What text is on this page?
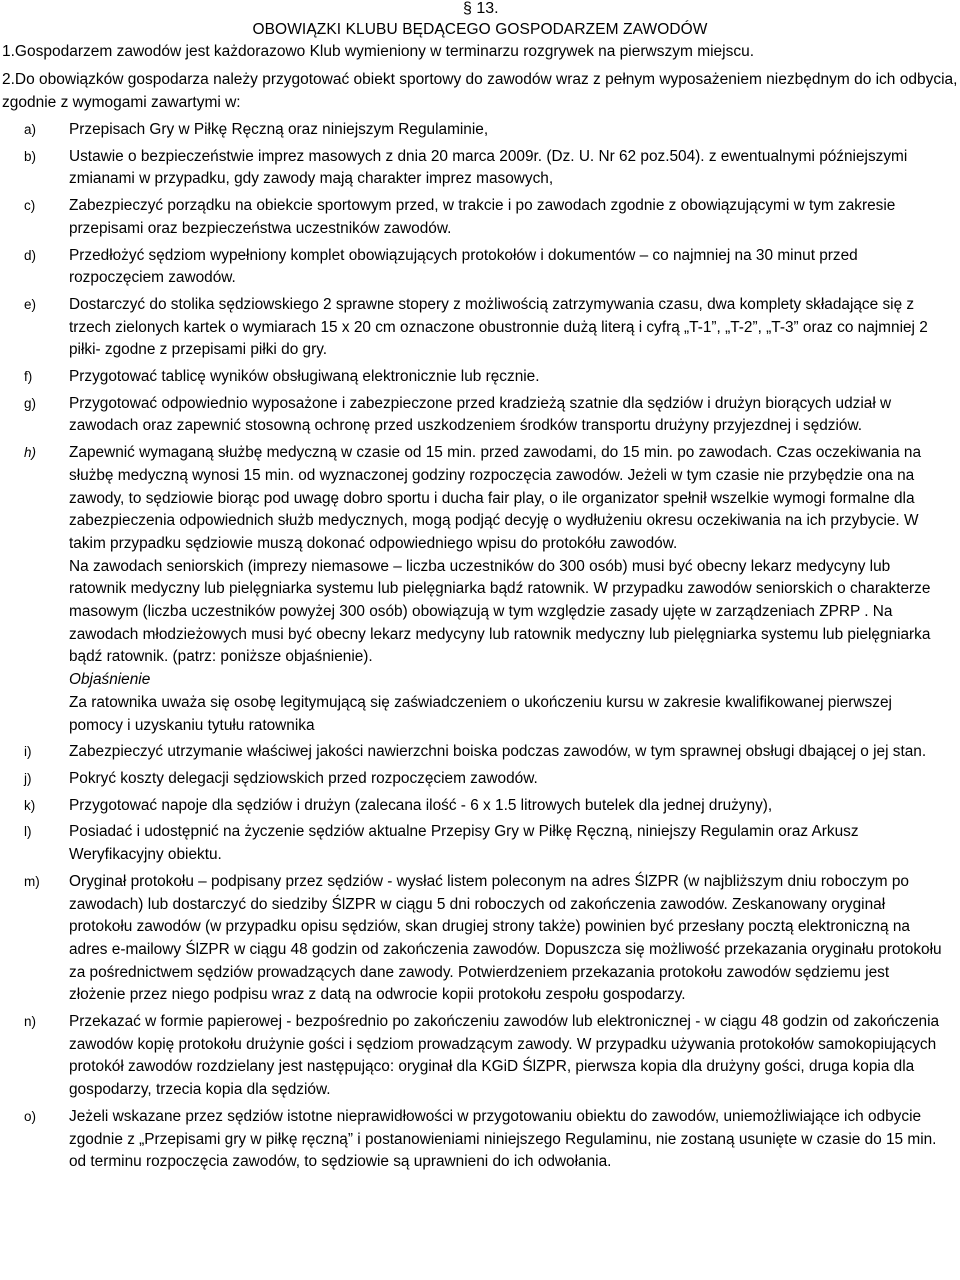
§ 13.
OBOWIĄZKI KLUBU BĘDĄCEGO GOSPODARZEM ZAWODÓW
1.Gospodarzem zawodów jest każdorazowo Klub wymieniony w terminarzu rozgrywek na pierwszym miejscu.
2.Do obowiązków gospodarza należy przygotować obiekt sportowy do zawodów wraz z pełnym wyposażeniem niezbędnym do ich odbycia, zgodnie z wymogami zawartymi w:
a) Przepisach Gry w Piłkę Ręczną oraz niniejszym Regulaminie,

b) Ustawie o bezpieczeństwie imprez masowych z dnia 20 marca 2009r. (Dz. U. Nr 62 poz.504). z ewentualnymi późniejszymi zmianami w przypadku, gdy zawody mają charakter imprez masowych,

c) Zabezpieczyć porządku na obiekcie sportowym przed, w trakcie i po zawodach zgodnie z obowiązującymi w tym zakresie przepisami oraz bezpieczeństwa uczestników zawodów.

d) Przedłożyć sędziom wypełniony komplet obowiązujących protokołów i dokumentów – co najmniej na 30 minut przed rozpoczęciem zawodów.

e) Dostarczyć do stolika sędziowskiego 2 sprawne stopery z możliwością zatrzymywania czasu, dwa komplety składające się z trzech zielonych kartek o wymiarach 15 x 20 cm oznaczone obustronnie dużą literą i cyfrą „T-1”, „T-2”, „T-3” oraz co najmniej 2 piłki- zgodne z przepisami piłki do gry.

f) Przygotować tablicę wyników obsługiwaną elektronicznie lub ręcznie.

g) Przygotować odpowiednio wyposażone i zabezpieczone przed kradzieżą szatnie dla sędziów i drużyn biorących udział w zawodach oraz zapewnić stosowną ochronę przed uszkodzeniem środków transportu drużyny przyjezdnej i sędziów.

h) Zapewnić wymaganą służbę medyczną w czasie od 15 min. przed zawodami, do 15 min. po zawodach. Czas oczekiwania na służbę medyczną wynosi 15 min. od wyznaczonej godziny rozpoczęcia zawodów. Jeżeli w tym czasie nie przybędzie ona na zawody, to sędziowie biorąc pod uwagę dobro sportu i ducha fair play, o ile organizator spełnił wszelkie wymogi formalne dla zabezpieczenia odpowiednich służb medycznych, mogą podjąć decyję o wydłużeniu okresu oczekiwania na ich przybycie. W takim przypadku sędziowie muszą dokonać odpowiedniego wpisu do protokółu zawodów.

Na zawodach seniorskich (imprezy niemasowe – liczba uczestników do 300 osób) musi być obecny lekarz medycyny lub ratownik medyczny lub pielęgniarka systemu lub pielęgniarka bądź ratownik. W przypadku zawodów seniorskich o charakterze masowym (liczba uczestników powyżej 300 osób) obowiązują w tym względzie zasady ujęte w zarządzeniach ZPRP . Na zawodach młodzieżowych musi być obecny lekarz medycyny lub ratownik medyczny lub pielęgniarka systemu lub pielęgniarka bądź ratownik. (patrz: poniższe objaśnienie).

Objaśnienie

Za ratownika uważa się osobę legitymującą się zaświadczeniem o ukończeniu kursu w zakresie kwalifikowanej pierwszej pomocy i uzyskaniu tytułu ratownika

i) Zabezpieczyć utrzymanie właściwej jakości nawierzchni boiska podczas zawodów, w tym sprawnej obsługi dbającej o jej stan.

j) Pokryć koszty delegacji sędziowskich przed rozpoczęciem zawodów.

k) Przygotować napoje dla sędziów i drużyn (zalecana ilość - 6 x 1.5 litrowych butelek dla jednej drużyny),

l) Posiadać i udostępnić na życzenie sędziów aktualne Przepisy Gry w Piłkę Ręczną, niniejszy Regulamin oraz Arkusz Weryfikacyjny obiektu.

m) Oryginał protokołu – podpisany przez sędziów - wysłać listem poleconym na adres ŚlZPR (w najbliższym dniu roboczym po zawodach) lub dostarczyć do siedziby ŚlZPR w ciągu 5 dni roboczych od zakończenia zawodów. Zeskanowany oryginał protokołu zawodów (w przypadku opisu sędziów, skan drugiej strony także) powinien być przesłany pocztą elektroniczną na adres e-mailowy ŚlZPR w ciągu 48 godzin od zakończenia zawodów. Dopuszcza się możliwość przekazania oryginału protokołu za pośrednictwem sędziów prowadzących dane zawody. Potwierdzeniem przekazania protokołu zawodów sędziemu jest złożenie przez niego podpisu wraz z datą na odwrocie kopii protokołu zespołu gospodarzy.

n) Przekazać w formie papierowej - bezpośrednio po zakończeniu zawodów lub elektronicznej - w ciągu 48 godzin od zakończenia zawodów kopię protokołu drużynie gości i sędziom prowadzącym zawody. W przypadku używania protokołów samokopiujących protokół zawodów rozdzielany jest następująco: oryginał dla KGiD ŚlZPR, pierwsza kopia dla drużyny gości, druga kopia dla gospodarzy, trzecia kopia dla sędziów.

o) Jeżeli wskazane przez sędziów istotne nieprawidłowości w przygotowaniu obiektu do zawodów, uniemożliwiające ich odbycie zgodnie z „Przepisami gry w piłkę ręczną” i postanowieniami niniejszego Regulaminu, nie zostaną usunięte w czasie do 15 min. od terminu rozpoczęcia zawodów, to sędziowie są uprawnieni do ich odwołania.
